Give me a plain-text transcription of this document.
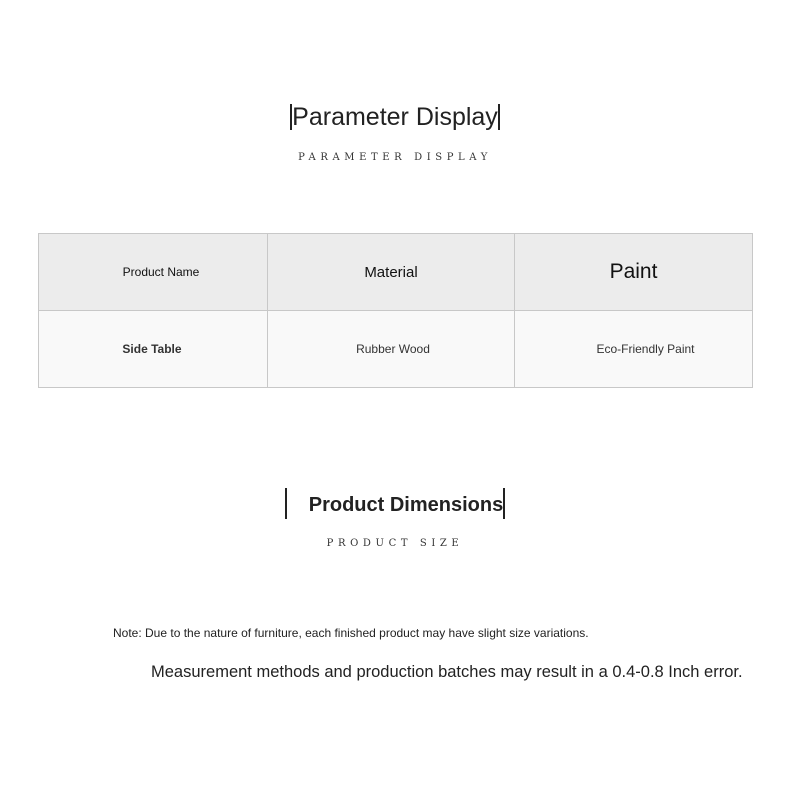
Parameter Display
PARAMETER DISPLAY
Product Name	Material	Paint
Side Table	Rubber Wood	Eco-Friendly Paint
Product Dimensions
PRODUCT SIZE
Note: Due to the nature of furniture, each finished product may have slight size variations.
Measurement methods and production batches may result in a 0.4-0.8 Inch error.
